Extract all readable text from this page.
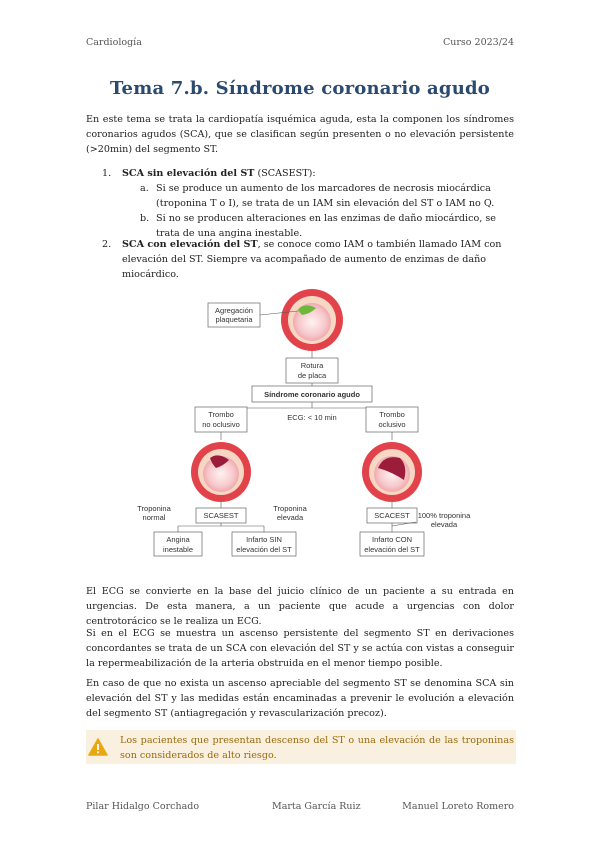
Cardiología	Curso 2023/24
Tema 7.b. Síndrome coronario agudo

En este tema se trata la cardiopatía isquémica aguda, esta la componen los síndromes coronarios agudos (SCA), que se clasifican según presenten o no elevación persistente (>20min) del segmento ST.

1. SCA sin elevación del ST (SCASEST):
a. Si se produce un aumento de los marcadores de necrosis miocárdica (troponina T o I), se trata de un IAM sin elevación del ST o IAM no Q.
b. Si no se producen alteraciones en las enzimas de daño miocárdico, se trata de una angina inestable.
2. SCA con elevación del ST, se conoce como IAM o también llamado IAM con elevación del ST. Siempre va acompañado de aumento de enzimas de daño miocárdico.
Agregación
plaquetaria
Rotura
de placa
Síndrome coronario agudo
Trombo
no oclusivo
ECG: < 10 min	Trombo
oclusivo
Troponina
normal	SCASEST
Troponina
elevada	SCACEST 100% troponina
elevada
Angina
inestable
Infarto SIN
elevación del ST
Infarto CON
elevación del ST

El ECG se convierte en la base del juicio clínico de un paciente a su entrada en urgencias. De esta manera, a un paciente que acude a urgencias con dolor centrotorácico se le realiza un ECG.

Si en el ECG se muestra un ascenso persistente del segmento ST en derivaciones concordantes se trata de un SCA con elevación del ST y se actúa con vistas a conseguir la repermeabilización de la arteria obstruida en el menor tiempo posible.

En caso de que no exista un ascenso apreciable del segmento ST se denomina SCA sin elevación del ST y las medidas están encaminadas a prevenir le evolución a elevación del segmento ST (antiagregación y revascularización precoz).

Los pacientes que presentan descenso del ST o una elevación de las troponinas son considerados de alto riesgo.

Pilar Hidalgo Corchado	Marta García Ruiz	Manuel Loreto Romero
